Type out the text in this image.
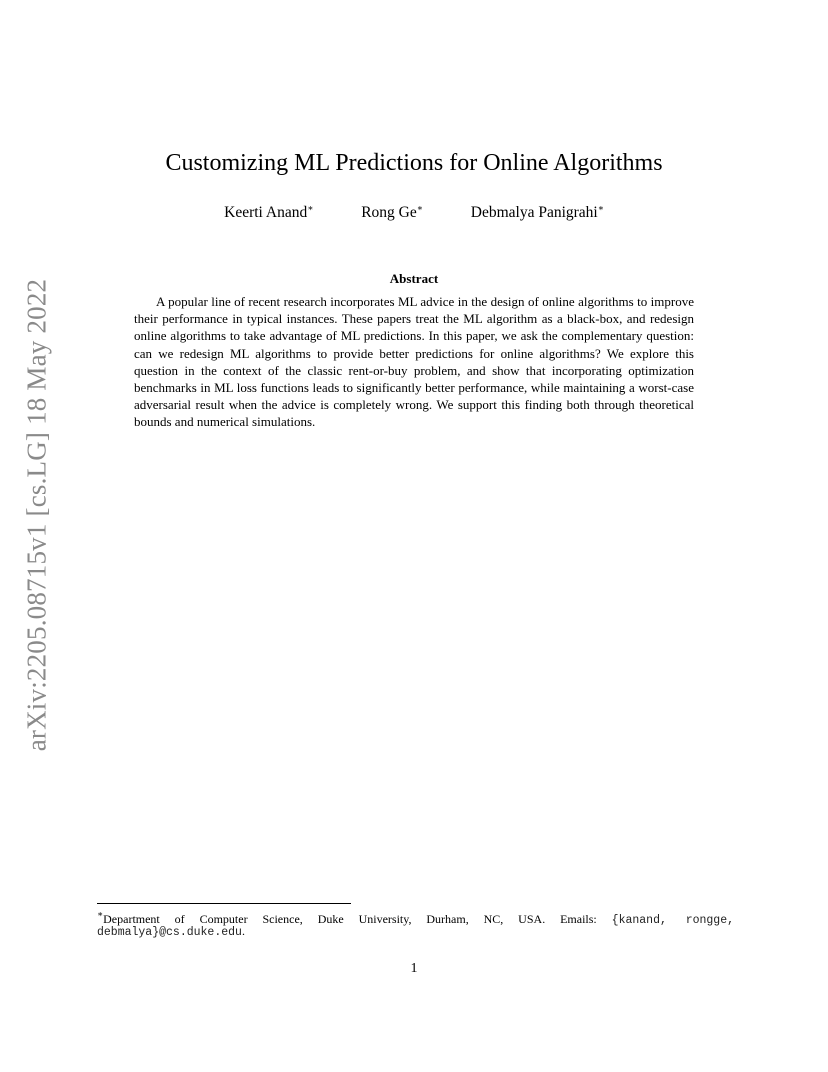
arXiv:2205.08715v1 [cs.LG] 18 May 2022
Customizing ML Predictions for Online Algorithms
Keerti Anand∗	Rong Ge∗	Debmalya Panigrahi∗
Abstract

A popular line of recent research incorporates ML advice in the design of online algorithms to improve their performance in typical instances. These papers treat the ML algorithm as a black-box, and redesign online algorithms to take advantage of ML predictions. In this paper, we ask the complementary question: can we redesign ML algorithms to provide better predictions for online algorithms? We explore this question in the context of the classic rent-or-buy problem, and show that incorporating optimization benchmarks in ML loss functions leads to significantly better performance, while maintaining a worst-case adversarial result when the advice is completely wrong. We support this finding both through theoretical bounds and numerical simulations.

∗Department of Computer Science, Duke University, Durham, NC, USA. Emails: {kanand, rongge,

debmalya}@cs.duke.edu.

1
